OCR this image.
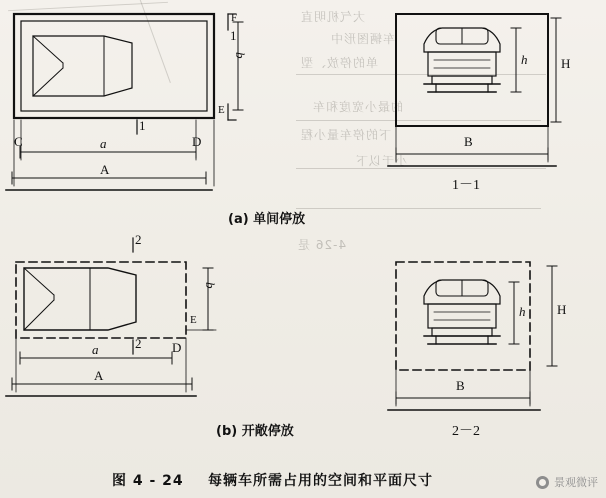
大气机明直
车辆图形中
单的停放、型
的最小宽度和车
下的停车量小程
小于以下
4-26 是
C	D
a
A
b
F
E
1
1
(a) 单间停放
h	H
B
1－1
2
2
b
E
D
a
A
(b) 开敞停放
h H
B
2－2
图 4 - 24 每辆车所需占用的空间和平面尺寸	景观微评
